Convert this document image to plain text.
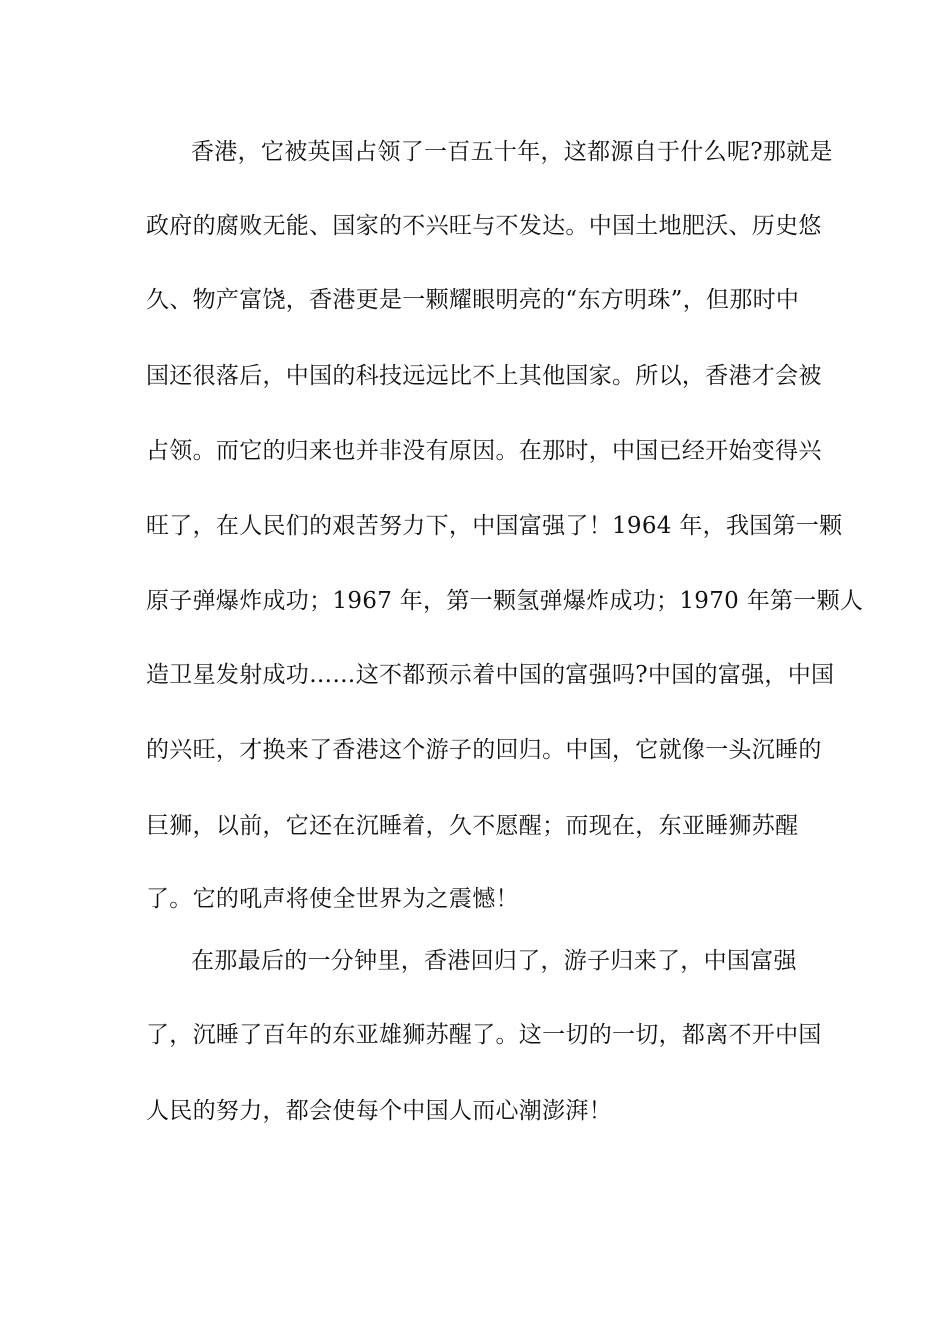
香港，它被英国占领了一百五十年，这都源自于什么呢?那就是
政府的腐败无能、国家的不兴旺与不发达。中国土地肥沃、历史悠
久、物产富饶，香港更是一颗耀眼明亮的“东方明珠”，但那时中
国还很落后，中国的科技远远比不上其他国家。所以，香港才会被
占领。而它的归来也并非没有原因。在那时，中国已经开始变得兴
旺了，在人民们的艰苦努力下，中国富强了！1964 年，我国第一颗
原子弹爆炸成功；1967 年，第一颗氢弹爆炸成功；1970 年第一颗人
造卫星发射成功……这不都预示着中国的富强吗?中国的富强，中国
的兴旺，才换来了香港这个游子的回归。中国，它就像一头沉睡的
巨狮，以前，它还在沉睡着，久不愿醒；而现在，东亚睡狮苏醒
了。它的吼声将使全世界为之震憾！
在那最后的一分钟里，香港回归了，游子归来了，中国富强
了，沉睡了百年的东亚雄狮苏醒了。这一切的一切，都离不开中国
人民的努力，都会使每个中国人而心潮澎湃！
